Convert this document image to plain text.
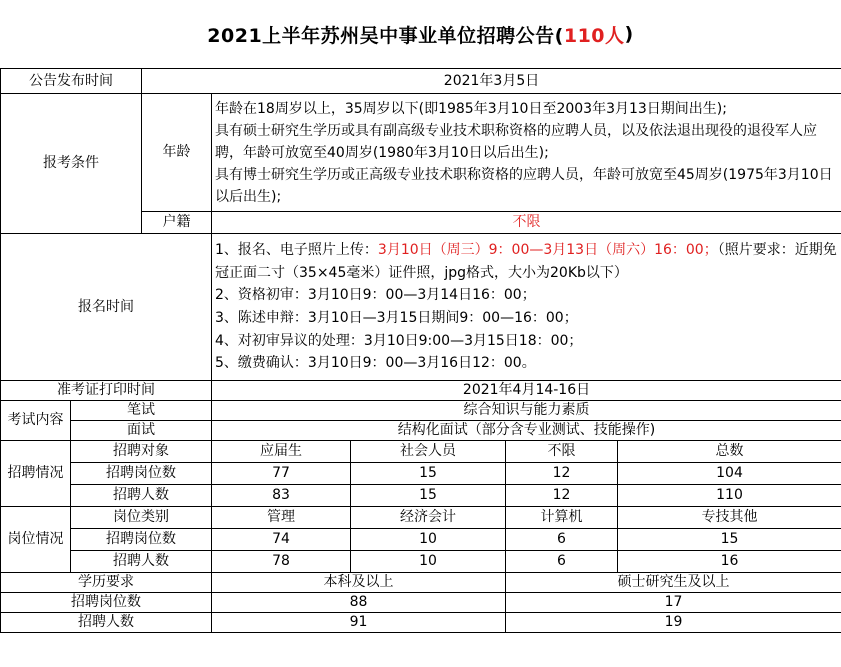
2021上半年苏州吴中事业单位招聘公告( 110人 )
公告发布时间		2021年3月5日				
报考条件		年龄	年龄在18周岁以上，35周岁以下(即1985年3月10日至2003年3月13日期间出生);
具有硕士研究生学历或具有副高级专业技术职称资格的应聘人员，以及依法退出现役的退役军人应聘，年龄可放宽至40周岁(1980年3月10日以后出生);
具有博士研究生学历或正高级专业技术职称资格的应聘人员，年龄可放宽至45周岁(1975年3月10日以后出生);			

		户籍	不限			
报名时间			1、报名、电子照片上传：3月10日（周三）9：00—3月13日（周六）16：00；（照片要求：近期免冠正面二寸（35×45毫米）证件照，jpg格式，大小为20Kb以下）
2、资格初审：3月10日9：00—3月14日16：00；
3、陈述申辩：3月10日—3月15日期间9：00—16：00；
4、对初审异议的处理：3月10日9:00—3月15日18：00；
5、缴费确认：3月10日9：00—3月16日12：00。			

准考证打印时间			2021年4月14-16日			
考试内容	笔试		综合知识与能力素质			
	面试		结构化面试（部分含专业测试、技能操作)			
招聘情况	招聘对象		应届生	社会人员	不限	总数
	招聘岗位数		77	15	12	104
	招聘人数		83	15	12	110
岗位情况	岗位类别		管理	经济会计	计算机	专技其他
	招聘岗位数		74	10	6	15
	招聘人数		78	10	6	16
学历要求			本科及以上		硕士研究生及以上	
招聘岗位数			88		17	
招聘人数			91		19	
